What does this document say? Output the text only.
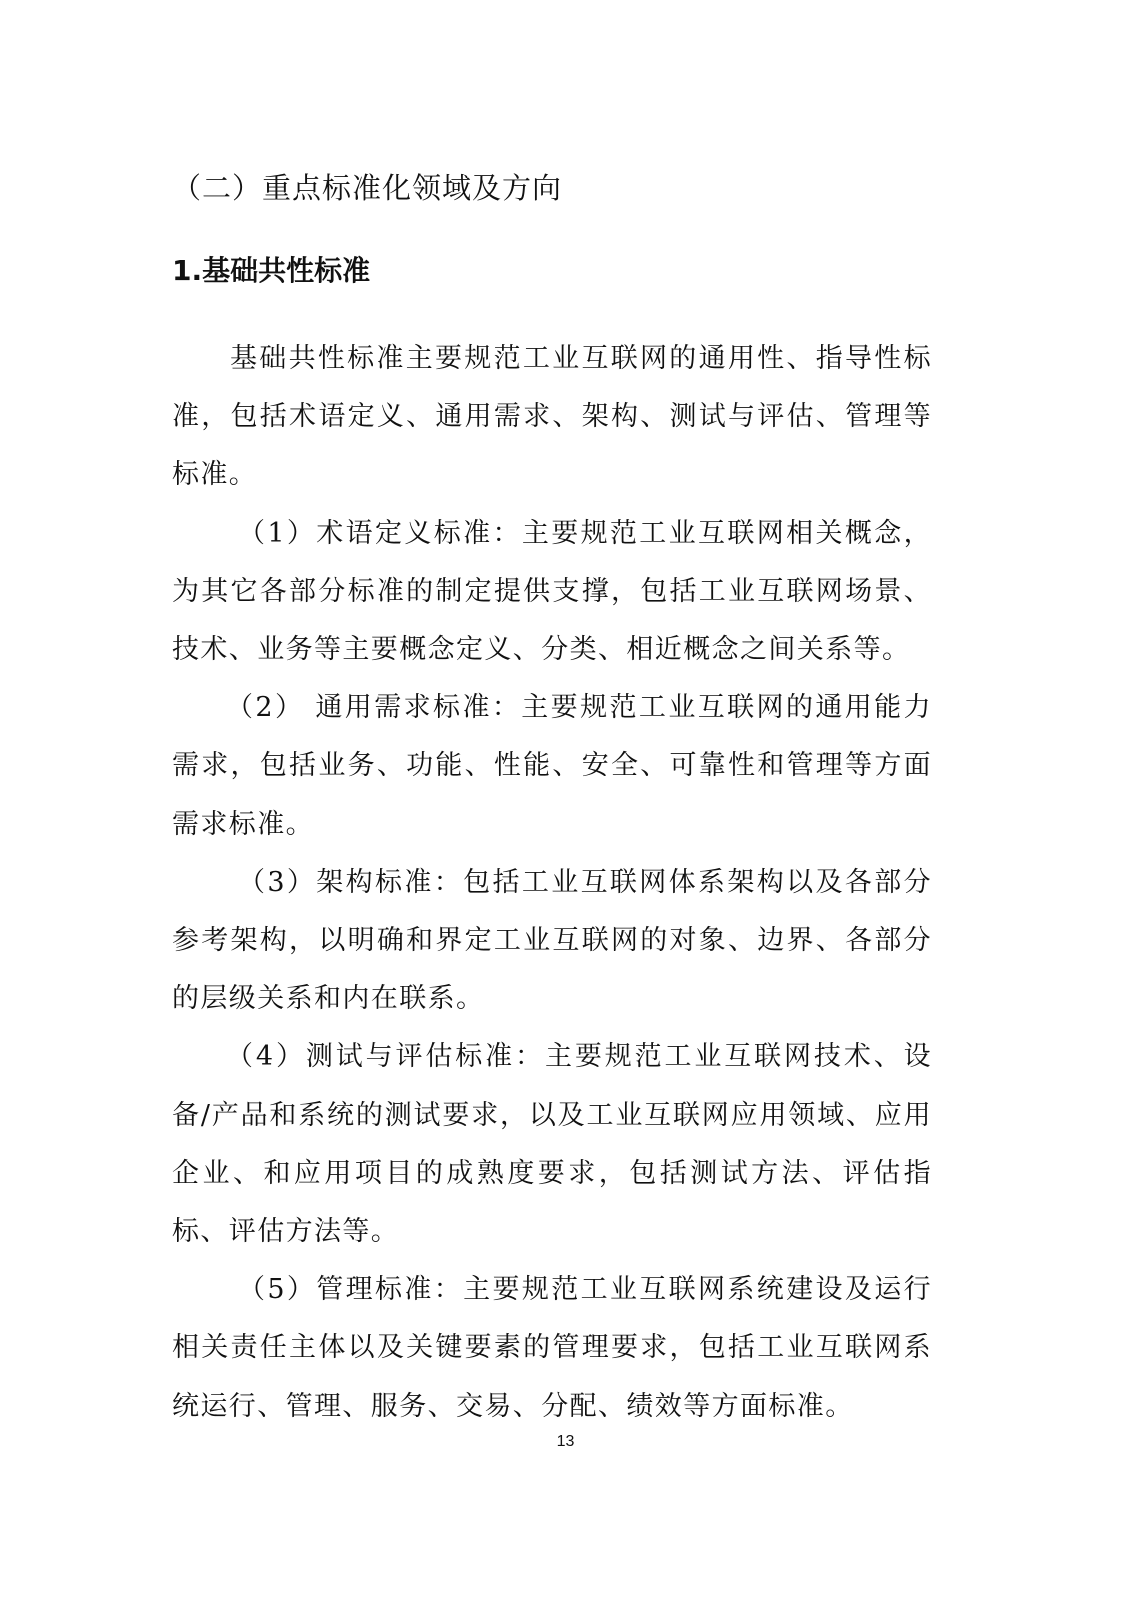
（二）重点标准化领域及方向
1.基础共性标准

基础共性标准主要规范工业互联网的通用性、指导性标准，包括术语定义、通用需求、架构、测试与评估、管理等标准。

（1）术语定义标准：主要规范工业互联网相关概念，为其它各部分标准的制定提供支撑，包括工业互联网场景、技术、业务等主要概念定义、分类、相近概念之间关系等。

（2） 通用需求标准：主要规范工业互联网的通用能力需求，包括业务、功能、性能、安全、可靠性和管理等方面需求标准。

（3）架构标准：包括工业互联网体系架构以及各部分参考架构，以明确和界定工业互联网的对象、边界、各部分的层级关系和内在联系。

（4）测试与评估标准：主要规范工业互联网技术、设备/产品和系统的测试要求，以及工业互联网应用领域、应用企业、和应用项目的成熟度要求，包括测试方法、评估指标、评估方法等。

（5）管理标准：主要规范工业互联网系统建设及运行相关责任主体以及关键要素的管理要求，包括工业互联网系统运行、管理、服务、交易、分配、绩效等方面标准。

13
